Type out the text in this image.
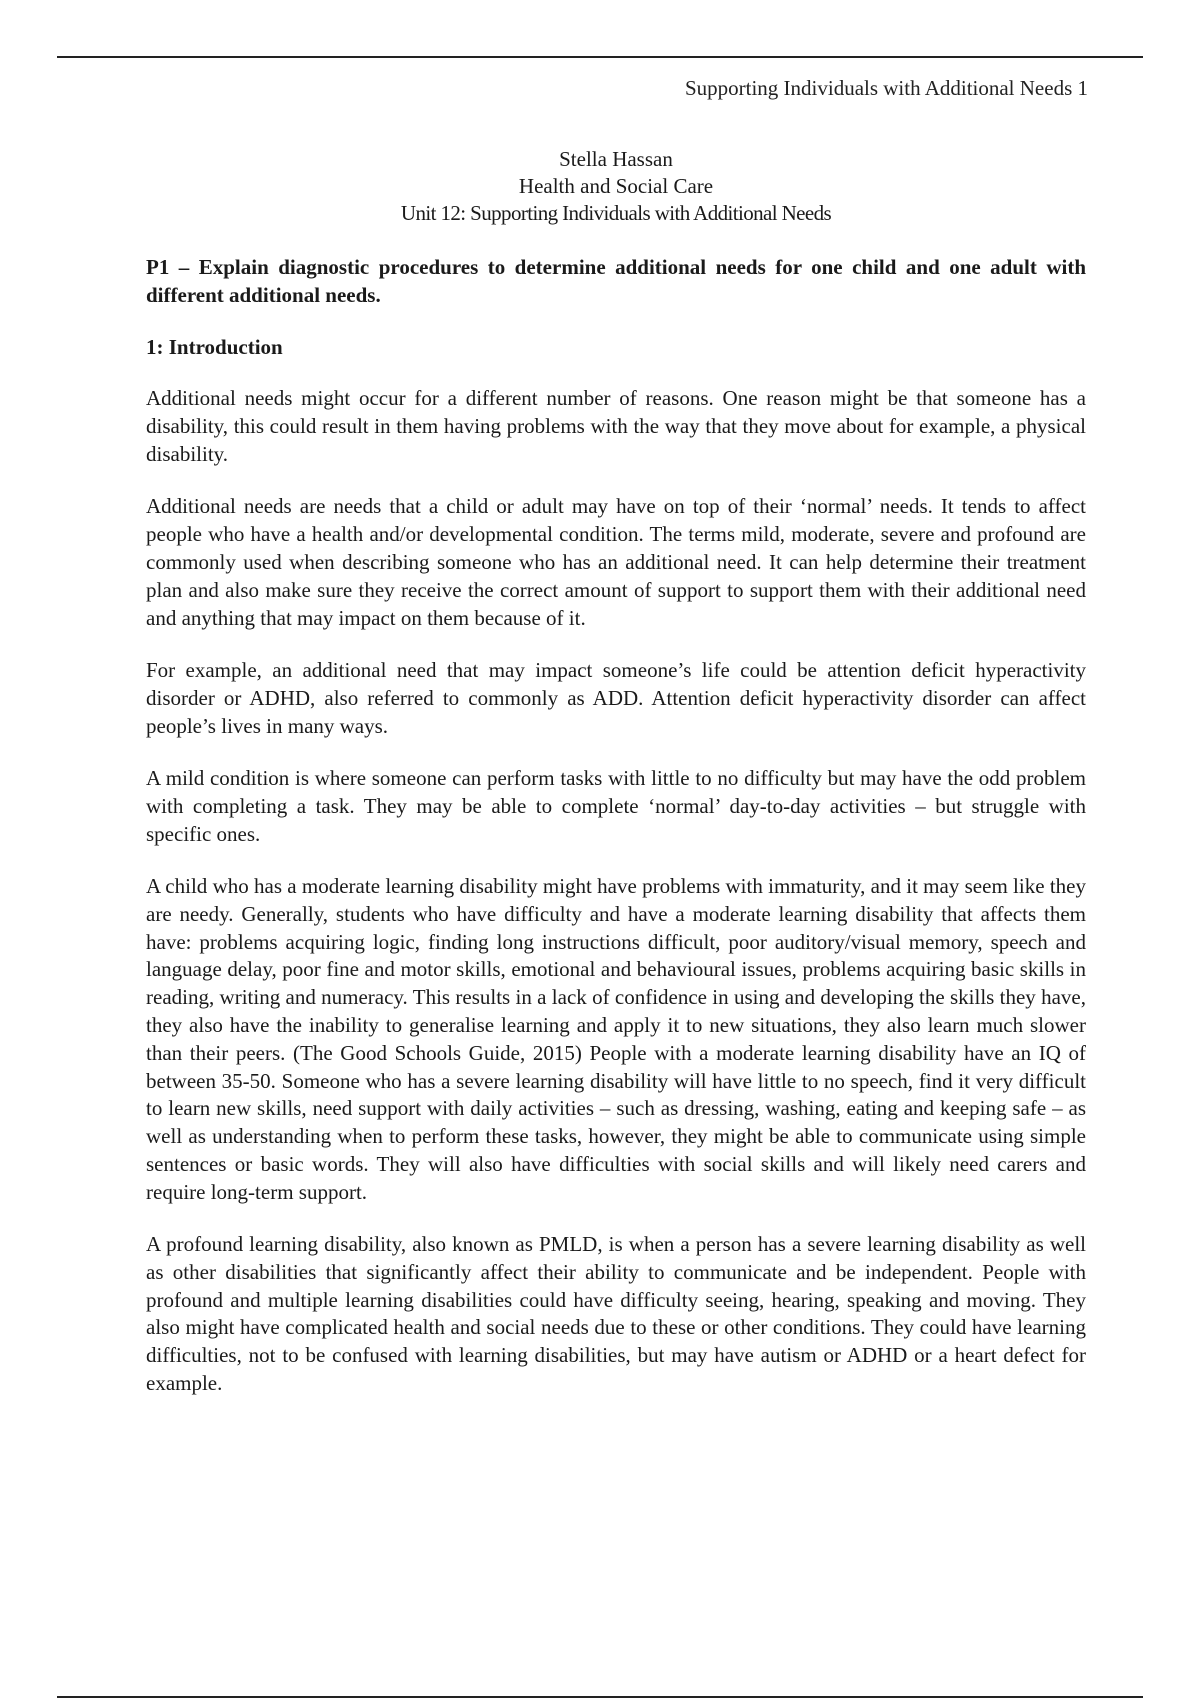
Supporting Individuals with Additional Needs 1
Stella Hassan
Health and Social Care
Unit 12: Supporting Individuals with Additional Needs

P1 – Explain diagnostic procedures to determine additional needs for one child and one adult with different additional needs.

1: Introduction

Additional needs might occur for a different number of reasons. One reason might be that someone has a disability, this could result in them having problems with the way that they move about for example, a physical disability.

Additional needs are needs that a child or adult may have on top of their ‘normal’ needs. It tends to affect people who have a health and/or developmental condition. The terms mild, moderate, severe and profound are commonly used when describing someone who has an additional need. It can help determine their treatment plan and also make sure they receive the correct amount of support to support them with their additional need and anything that may impact on them because of it.

For example, an additional need that may impact someone’s life could be attention deficit hyperactivity disorder or ADHD, also referred to commonly as ADD. Attention deficit hyperactivity disorder can affect people’s lives in many ways.

A mild condition is where someone can perform tasks with little to no difficulty but may have the odd problem with completing a task. They may be able to complete ‘normal’ day-to-day activities – but struggle with specific ones.

A child who has a moderate learning disability might have problems with immaturity, and it may seem like they are needy. Generally, students who have difficulty and have a moderate learning disability that affects them have: problems acquiring logic, finding long instructions difficult, poor auditory/visual memory, speech and language delay, poor fine and motor skills, emotional and behavioural issues, problems acquiring basic skills in reading, writing and numeracy. This results in a lack of confidence in using and developing the skills they have, they also have the inability to generalise learning and apply it to new situations, they also learn much slower than their peers. (The Good Schools Guide, 2015) People with a moderate learning disability have an IQ of between 35-50. Someone who has a severe learning disability will have little to no speech, find it very difficult to learn new skills, need support with daily activities – such as dressing, washing, eating and keeping safe – as well as understanding when to perform these tasks, however, they might be able to communicate using simple sentences or basic words. They will also have difficulties with social skills and will likely need carers and require long-term support.

A profound learning disability, also known as PMLD, is when a person has a severe learning disability as well as other disabilities that significantly affect their ability to communicate and be independent. People with profound and multiple learning disabilities could have difficulty seeing, hearing, speaking and moving. They also might have complicated health and social needs due to these or other conditions. They could have learning difficulties, not to be confused with learning disabilities, but may have autism or ADHD or a heart defect for example.
